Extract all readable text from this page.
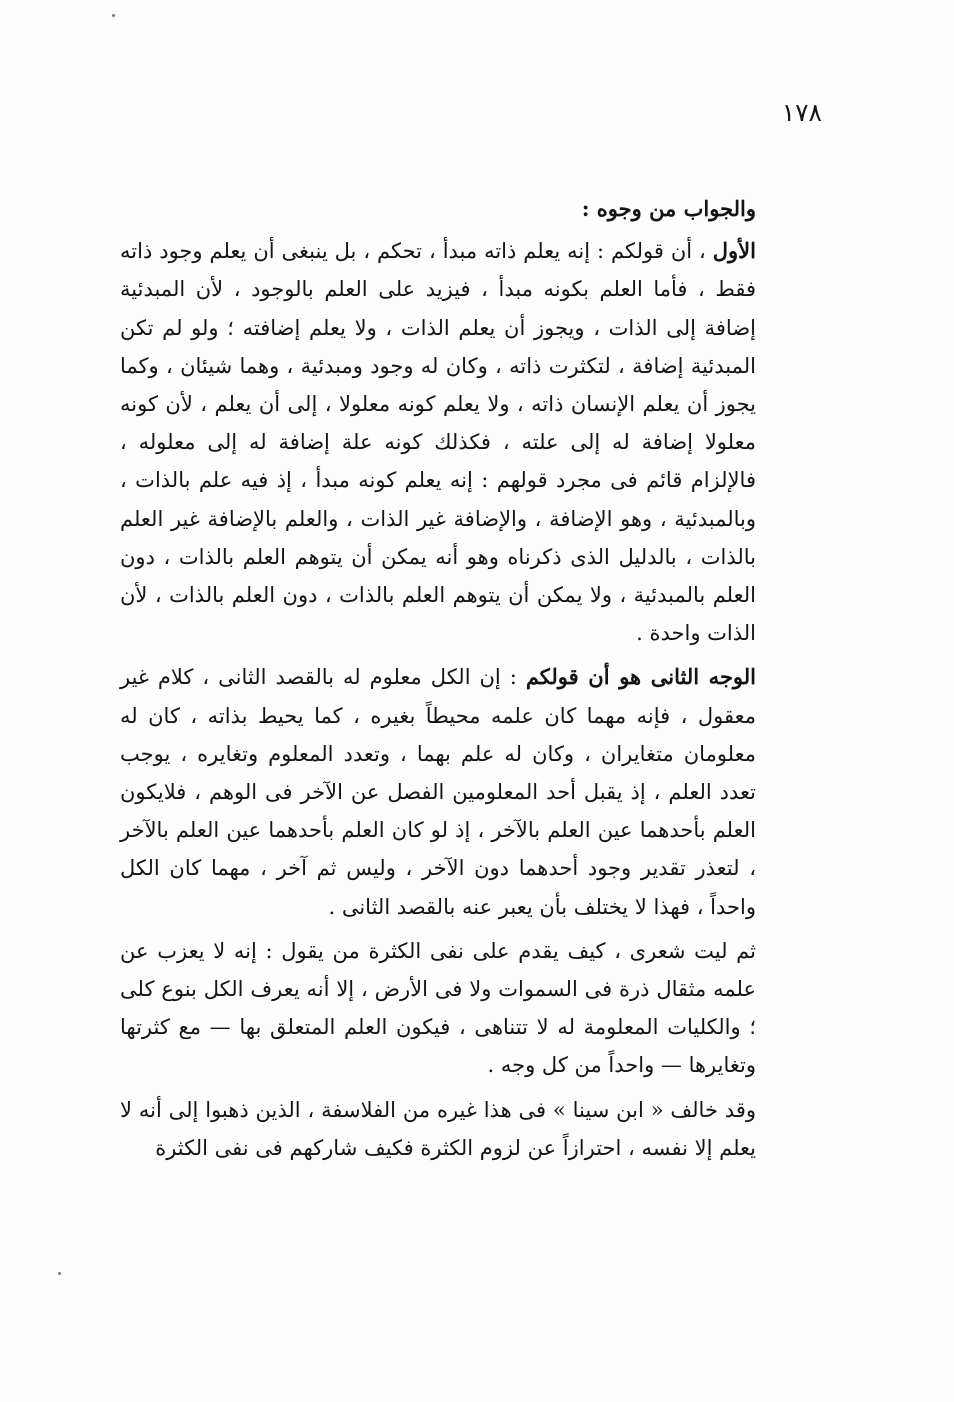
١٧٨

والجواب من وجوه :

الأول ، أن قولكم : إنه يعلم ذاته مبدأ ، تحكم ، بل ينبغى أن يعلم وجود ذاته فقط ، فأما العلم بكونه مبدأ ، فيزيد على العلم بالوجود ، لأن المبدئية إضافة إلى الذات ، ويجوز أن يعلم الذات ، ولا يعلم إضافته ؛ ولو لم تكن المبدئية إضافة ، لتكثرت ذاته ، وكان له وجود ومبدئية ، وهما شيئان ، وكما يجوز أن يعلم الإنسان ذاته ، ولا يعلم كونه معلولا ، إلى أن يعلم ، لأن كونه معلولا إضافة له إلى علته ، فكذلك كونه علة إضافة له إلى معلوله ، فالإلزام قائم فى مجرد قولهم : إنه يعلم كونه مبدأ ، إذ فيه علم بالذات ، وبالمبدئية ، وهو الإضافة ، والإضافة غير الذات ، والعلم بالإضافة غير العلم بالذات ، بالدليل الذى ذكرناه وهو أنه يمكن أن يتوهم العلم بالذات ، دون العلم بالمبدئية ، ولا يمكن أن يتوهم العلم بالذات ، دون العلم بالذات ، لأن الذات واحدة .

الوجه الثانى هو أن قولكم : إن الكل معلوم له بالقصد الثانى ، كلام غير معقول ، فإنه مهما كان علمه محيطاً بغيره ، كما يحيط بذاته ، كان له معلومان متغايران ، وكان له علم بهما ، وتعدد المعلوم وتغايره ، يوجب تعدد العلم ، إذ يقبل أحد المعلومين الفصل عن الآخر فى الوهم ، فلايكون العلم بأحدهما عين العلم بالآخر ، إذ لو كان العلم بأحدهما عين العلم بالآخر ، لتعذر تقدير وجود أحدهما دون الآخر ، وليس ثم آخر ، مهما كان الكل واحداً ، فهذا لا يختلف بأن يعبر عنه بالقصد الثانى .

ثم ليت شعرى ، كيف يقدم على نفى الكثرة من يقول : إنه لا يعزب عن علمه مثقال ذرة فى السموات ولا فى الأرض ، إلا أنه يعرف الكل بنوع كلى ؛ والكليات المعلومة له لا تتناهى ، فيكون العلم المتعلق بها — مع كثرتها وتغايرها — واحداً من كل وجه .

وقد خالف « ابن سينا » فى هذا غيره من الفلاسفة ، الذين ذهبوا إلى أنه لا يعلم إلا نفسه ، احترازاً عن لزوم الكثرة فكيف شاركهم فى نفى الكثرة
